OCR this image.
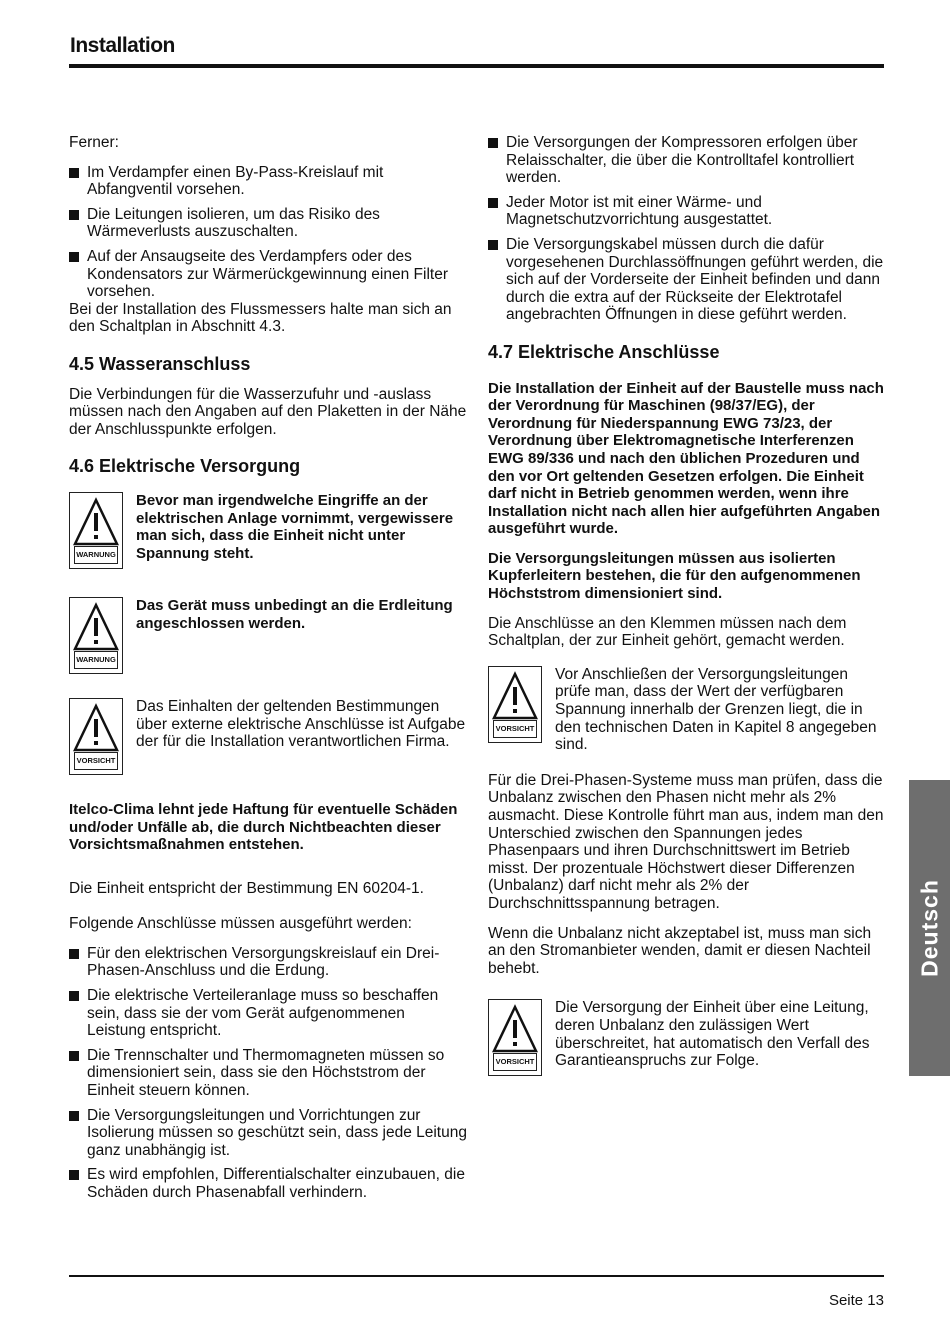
Installation

Ferner:

Im Verdampfer einen By-Pass-Kreislauf mit Abfangventil vorsehen.
Die Leitungen isolieren, um das Risiko des Wärmeverlusts auszuschalten.
Auf der Ansaugseite des Verdampfers oder des Kondensators zur Wärmerückgewinnung einen Filter vorsehen.

Bei der Installation des Flussmessers halte man sich an den Schaltplan in Abschnitt 4.3.

4.5 Wasseranschluss

Die Verbindungen für die Wasserzufuhr und -auslass müssen nach den Angaben auf den Plaketten in der Nähe der Anschlusspunkte erfolgen.

4.6 Elektrische Versorgung
WARNUNG
Bevor man irgendwelche Eingriffe an der elektrischen Anlage vornimmt, vergewissere man sich, dass die Einheit nicht unter Spannung steht.
WARNUNG
Das Gerät muss unbedingt an die Erdleitung angeschlossen werden.
VORSICHT
Das Einhalten der geltenden Bestimmungen über externe elektrische Anschlüsse ist Aufgabe der für die Installation verantwortlichen Firma.

Itelco-Clima lehnt jede Haftung für eventuelle Schäden und/oder Unfälle ab, die durch Nichtbeachten dieser Vorsichtsmaßnahmen entstehen.

Die Einheit entspricht der Bestimmung EN 60204-1.

Folgende Anschlüsse müssen ausgeführt werden:

Für den elektrischen Versorgungskreislauf ein Drei-Phasen-Anschluss und die Erdung.
Die elektrische Verteileranlage muss so beschaffen sein, dass sie der vom Gerät aufgenommenen Leistung entspricht.
Die Trennschalter und Thermomagneten müssen so dimensioniert sein, dass sie den Höchststrom der Einheit steuern können.
Die Versorgungsleitungen und Vorrichtungen zur Isolierung müssen so geschützt sein, dass jede Leitung ganz unabhängig ist.
Es wird empfohlen, Differentialschalter einzubauen, die Schäden durch Phasenabfall verhindern.
Die Versorgungen der Kompressoren erfolgen über Relaisschalter, die über die Kontrolltafel kontrolliert werden.
Jeder Motor ist mit einer Wärme- und Magnetschutzvorrichtung ausgestattet.
Die Versorgungskabel müssen durch die dafür vorgesehenen Durchlassöffnungen geführt werden, die sich auf der Vorderseite der Einheit befinden und dann durch die extra auf der Rückseite der Elektrotafel angebrachten Öffnungen in diese geführt werden.
4.7 Elektrische Anschlüsse

Die Installation der Einheit auf der Baustelle muss nach der Verordnung für Maschinen (98/37/EG), der Verordnung für Niederspannung EWG 73/23, der Verordnung über Elektromagnetische Interferenzen EWG 89/336 und nach den üblichen Prozeduren und den vor Ort geltenden Gesetzen erfolgen. Die Einheit darf nicht in Betrieb genommen werden, wenn ihre Installation nicht nach allen hier aufgeführten Angaben ausgeführt wurde.

Die Versorgungsleitungen müssen aus isolierten Kupferleitern bestehen, die für den aufgenommenen Höchststrom dimensioniert sind.

Die Anschlüsse an den Klemmen müssen nach dem Schaltplan, der zur Einheit gehört, gemacht werden.

VORSICHT
Vor Anschließen der Versorgungsleitungen prüfe man, dass der Wert der verfügbaren Spannung innerhalb der Grenzen liegt, die in den technischen Daten in Kapitel 8 angegeben sind.

Für die Drei-Phasen-Systeme muss man prüfen, dass die Unbalanz zwischen den Phasen nicht mehr als 2% ausmacht. Diese Kontrolle führt man aus, indem man den Unterschied zwischen den Spannungen jedes Phasenpaars und ihren Durchschnittswert im Betrieb misst. Der prozentuale Höchstwert dieser Differenzen (Unbalanz) darf nicht mehr als 2% der Durchschnittsspannung betragen.

Wenn die Unbalanz nicht akzeptabel ist, muss man sich an den Stromanbieter wenden, damit er diesen Nachteil behebt.

VORSICHT
Die Versorgung der Einheit über eine Leitung, deren Unbalanz den zulässigen Wert überschreitet, hat automatisch den Verfall des Garantieanspruchs zur Folge.
Deutsch
Seite 13
